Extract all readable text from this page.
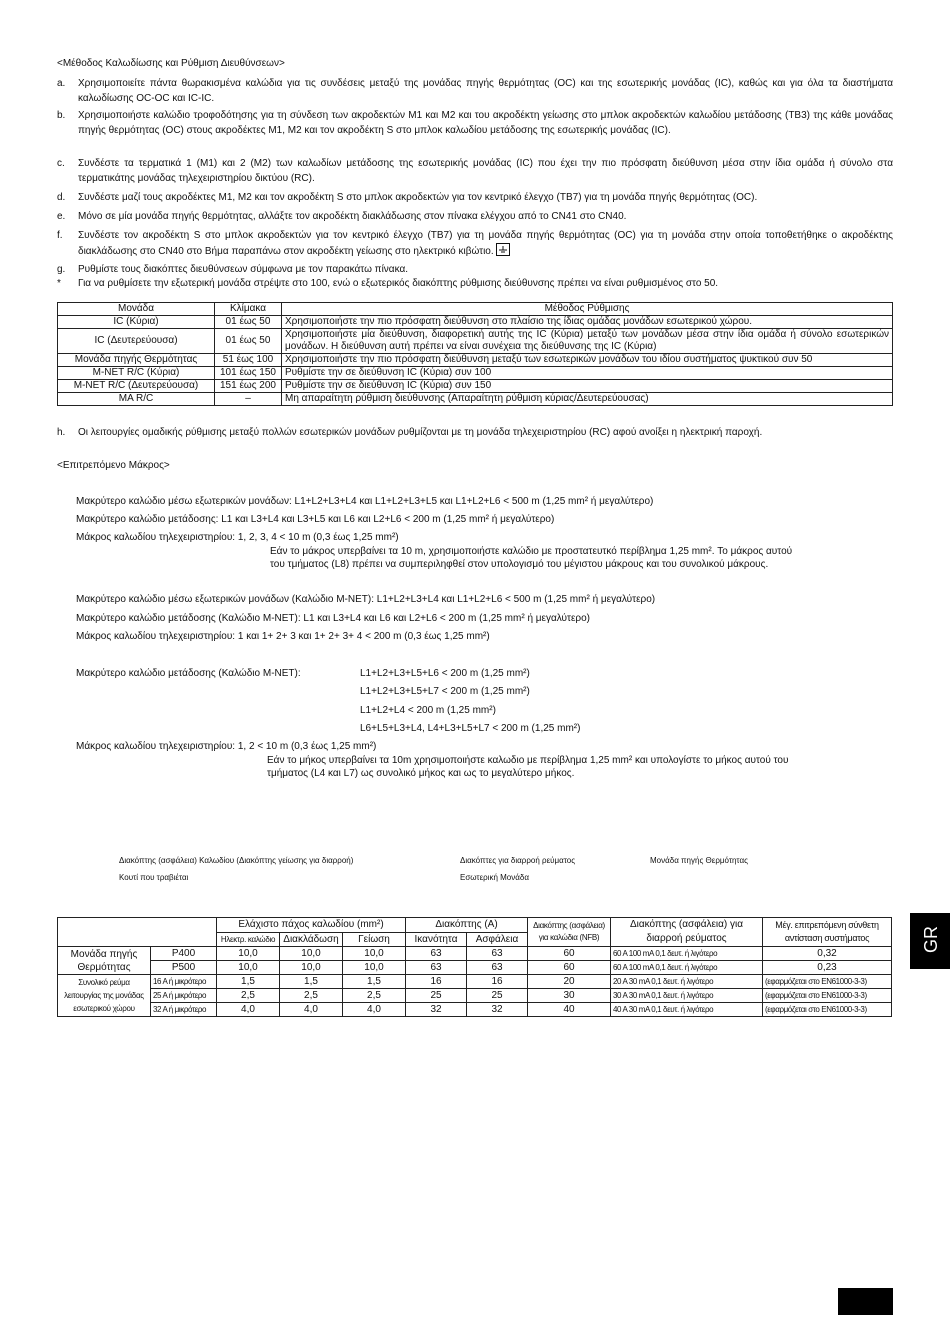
<Μέθοδος Καλωδίωσης και Ρύθμιση Διευθύνσεων>
a. Χρησιμοποιείτε πάντα θωρακισμένα καλώδια για τις συνδέσεις μεταξύ της μονάδας πηγής θερμότητας (OC) και της εσωτερικής μονάδας (IC), καθώς και για όλα τα διαστήματα καλωδίωσης OC-OC και IC-IC.
b. Χρησιμοποιήστε καλώδιο τροφοδότησης για τη σύνδεση των ακροδεκτών M1 και M2 και του ακροδέκτη γείωσης στο μπλοκ ακροδεκτών καλωδίου μετάδοσης (TB3) της κάθε μονάδας πηγής θερμότητας (OC) στους ακροδέκτες M1, M2 και τον ακροδέκτη S στο μπλοκ καλωδίου μετάδοσης της εσωτερικής μονάδας (IC).
c. Συνδέστε τα τερματικά 1 (M1) και 2 (M2) των καλωδίων μετάδοσης της εσωτερικής μονάδας (IC) που έχει την πιο πρόσφατη διεύθυνση μέσα στην ίδια ομάδα ή σύνολο στα τερματικάτης μονάδας τηλεχειριστηρίου δικτύου (RC).
d. Συνδέστε μαζί τους ακροδέκτες M1, M2 και τον ακροδέκτη S στο μπλοκ ακροδεκτών για τον κεντρικό έλεγχο (TB7) για τη μονάδα πηγής θερμότητας (OC).
e. Μόνο σε μία μονάδα πηγής θερμότητας, αλλάξτε τον ακροδέκτη διακλάδωσης στον πίνακα ελέγχου από το CN41 στο CN40.
f. Συνδέστε τον ακροδέκτη S στο μπλοκ ακροδεκτών για τον κεντρικό έλεγχο (TB7) για τη μονάδα πηγής θερμότητας (OC) για τη μονάδα στην οποία τοποθετήθηκε ο ακροδέκτης διακλάδωσης στο CN40 στο Βήμα παραπάνω στον ακροδέκτη γείωσης στο ηλεκτρικό κιβώτιο.
g. Ρυθμίστε τους διακόπτες διευθύνσεων σύμφωνα με τον παρακάτω πίνακα.
* Για να ρυθμίσετε την εξωτερική μονάδα στρέψτε στο 100, ενώ ο εξωτερικός διακόπτης ρύθμισης διεύθυνσης πρέπει να είναι ρυθμισμένος στο 50.
Μονάδα	Κλίμακα	Μέθοδος Ρύθμισης
IC (Κύρια)	01 έως 50	Χρησιμοποιήστε την πιο πρόσφατη διεύθυνση στο πλαίσιο της ίδιας ομάδας μονάδων εσωτερικού χώρου.
IC (Δευτερεύουσα)	01 έως 50	Χρησιμοποιήστε μία διεύθυνση, διαφορετική αυτής της IC (Κύρια) μεταξύ των μονάδων μέσα στην ίδια ομάδα ή σύνολο εσωτερικών μονάδων. Η διεύθυνση αυτή πρέπει να είναι συνέχεια της διεύθυνσης της IC (Κύρια)
Μονάδα πηγής Θερμότητας	51 έως 100	Χρησιμοποιήστε την πιο πρόσφατη διεύθυνση μεταξύ των εσωτερικών μονάδων του ιδίου συστήματος ψυκτικού συν 50
M-NET R/C (Κύρια)	101 έως 150	Ρυθμίστε την σε διεύθυνση IC (Κύρια) συν 100
M-NET R/C (Δευτερεύουσα)	151 έως 200	Ρυθμίστε την σε διεύθυνση IC (Κύρια) συν 150
MA R/C	–	Μη απαραίτητη ρύθμιση διεύθυνσης (Απαραίτητη ρύθμιση κύριας/Δευτερεύουσας)
h. Οι λειτουργίες ομαδικής ρύθμισης μεταξύ πολλών εσωτερικών μονάδων ρυθμίζονται με τη μονάδα τηλεχειριστηρίου (RC) αφού ανοίξει η ηλεκτρική παροχή.
<Επιτρεπόμενο Μάκρος>
Μακρύτερο καλώδιο μέσω εξωτερικών μονάδων: L1+L2+L3+L4 και L1+L2+L3+L5 και L1+L2+L6 < 500 m (1,25 mm² ή μεγαλύτερο)
Μακρύτερο καλώδιο μετάδοσης: L1 και L3+L4 και L3+L5 και L6 και L2+L6 < 200 m (1,25 mm² ή μεγαλύτερο)
Μάκρος καλωδίου τηλεχειριστηρίου: 1, 2, 3, 4 < 10 m (0,3 έως 1,25 mm²)
Εάν το μάκρος υπερβαίνει τα 10 m, χρησιμοποιήστε καλώδιο με προστατευτκό περίβλημα 1,25 mm². Το μάκρος αυτού
του τμήματος (L8) πρέπει να συμπεριληφθεί στον υπολογισμό του μέγιστου μάκρους και του συνολικού μάκρους.
Μακρύτερο καλώδιο μέσω εξωτερικών μονάδων (Καλώδιο M-NET): L1+L2+L3+L4 και L1+L2+L6 < 500 m (1,25 mm² ή μεγαλύτερο)
Μακρύτερο καλώδιο μετάδοσης (Καλώδιο M-NET): L1 και L3+L4 και L6 και L2+L6 < 200 m (1,25 mm² ή μεγαλύτερο)
Μάκρος καλωδίου τηλεχειριστηρίου: 1 και 1+ 2+ 3 και 1+ 2+ 3+ 4 < 200 m (0,3 έως 1,25 mm²)
Μακρύτερο καλώδιο μετάδοσης (Καλώδιο M-NET):	L1+L2+L3+L5+L6 < 200 m (1,25 mm²)
L1+L2+L3+L5+L7 < 200 m (1,25 mm²)
L1+L2+L4 < 200 m (1,25 mm²)
L6+L5+L3+L4, L4+L3+L5+L7 < 200 m (1,25 mm²)
Μάκρος καλωδίου τηλεχειριστηρίου: 1, 2 < 10 m (0,3 έως 1,25 mm²)
Εάν το μήκος υπερβαίνει τα 10m χρησιμοποιήστε καλωδιο με περίβλημα 1,25 mm² και υπολογίστε το μήκος αυτού του
τμήματος (L4 και L7) ως συνολικό μήκος και ως το μεγαλύτερο μήκος.
Διακόπτης (ασφάλεια) Καλωδίου (Διακόπτης γείωσης για διαρροή)	Διακόπτες για διαρροή ρεύματος	Μονάδα πηγής Θερμότητας
Κουτί που τραβιέται	Εσωτερική Μονάδα
		Ελάχιστο πάχος καλωδίου (mm²)			Διακόπτης (A)		Διακόπτης (ασφάλεια) για καλώδια (NFB)	Διακόπτης (ασφάλεια) για διαρροή ρεύματος	Μέγ. επιτρεπόμενη σύνθετη αντίσταση συστήματος
		Ηλεκτρ. καλώδιο	Διακλάδωση	Γείωση	Ικανότητα	Ασφάλεια			
Μονάδα πηγής Θερμότητας	P400	10,0	10,0	10,0	63	63	60	60 A 100 mA 0,1 δευτ. ή λιγότερο	0,32
	P500	10,0	10,0	10,0	63	63	60	60 A 100 mA 0,1 δευτ. ή λιγότερο	0,23
Συνολικό ρεύμα λειτουργίας της μονάδας εσωτερικού χώρου	16 A ή μικρότερο	1,5	1,5	1,5	16	16	20	20 A 30 mA 0,1 δευτ. ή λιγότερο	(εφαρμόζεται στο EN61000-3-3)
	25 A ή μικρότερο	2,5	2,5	2,5	25	25	30	30 A 30 mA 0,1 δευτ. ή λιγότερο	(εφαρμόζεται στο EN61000-3-3)
	32 A ή μικρότερο	4,0	4,0	4,0	32	32	40	40 A 30 mA 0,1 δευτ. ή λιγότερο	(εφαρμόζεται στο EN61000-3-3)
GR
